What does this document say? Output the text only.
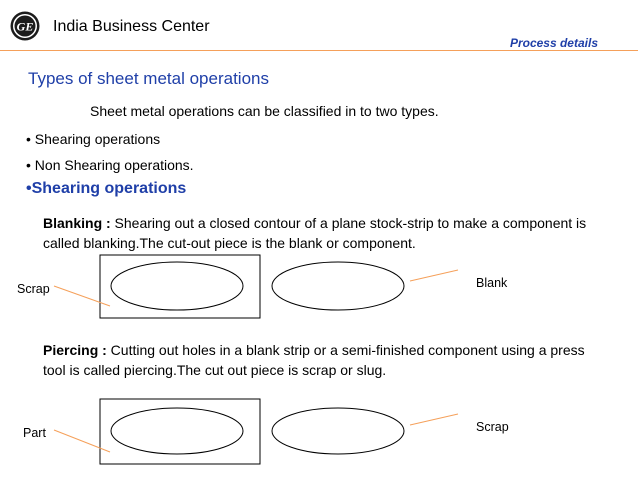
GE India Business Center
Process details
Types of sheet metal operations
Sheet metal operations can be classified in to two types.
• Shearing operations
• Non Shearing operations.
•Shearing operations
Blanking : Shearing out a closed contour of a plane stock-strip to make a component is called blanking.The cut-out piece is the blank or component.
Piercing : Cutting out holes in a blank strip or a semi-finished component using a press tool is called piercing.The cut out piece is scrap or slug.
Scrap	Blank
Part	Scrap
